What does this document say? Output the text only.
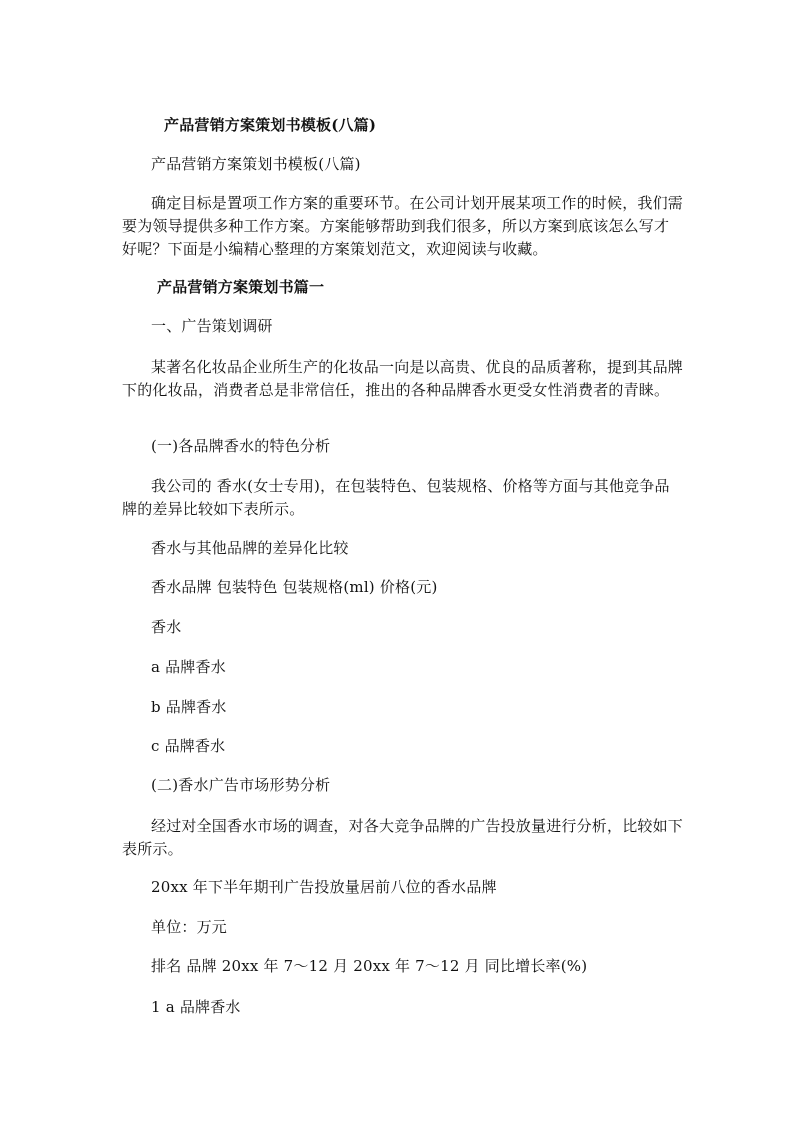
产品营销方案策划书模板(八篇)
产品营销方案策划书模板(八篇)
确定目标是置项工作方案的重要环节。在公司计划开展某项工作的时候，我们需要为领导提供多种工作方案。方案能够帮助到我们很多，所以方案到底该怎么写才好呢？下面是小编精心整理的方案策划范文，欢迎阅读与收藏。
产品营销方案策划书篇一
一、广告策划调研
某著名化妆品企业所生产的化妆品一向是以高贵、优良的品质著称，提到其品牌下的化妆品，消费者总是非常信任，推出的各种品牌香水更受女性消费者的青睐。
(一)各品牌香水的特色分析
我公司的 香水(女士专用)，在包装特色、包装规格、价格等方面与其他竞争品牌的差异比较如下表所示。
香水与其他品牌的差异化比较
香水品牌 包装特色 包装规格(ml) 价格(元)
香水
a 品牌香水
b 品牌香水
c 品牌香水
(二)香水广告市场形势分析
经过对全国香水市场的调查，对各大竞争品牌的广告投放量进行分析，比较如下表所示。
20xx 年下半年期刊广告投放量居前八位的香水品牌
单位：万元
排名 品牌 20xx 年 7～12 月 20xx 年 7～12 月 同比增长率(%)
1 a 品牌香水
